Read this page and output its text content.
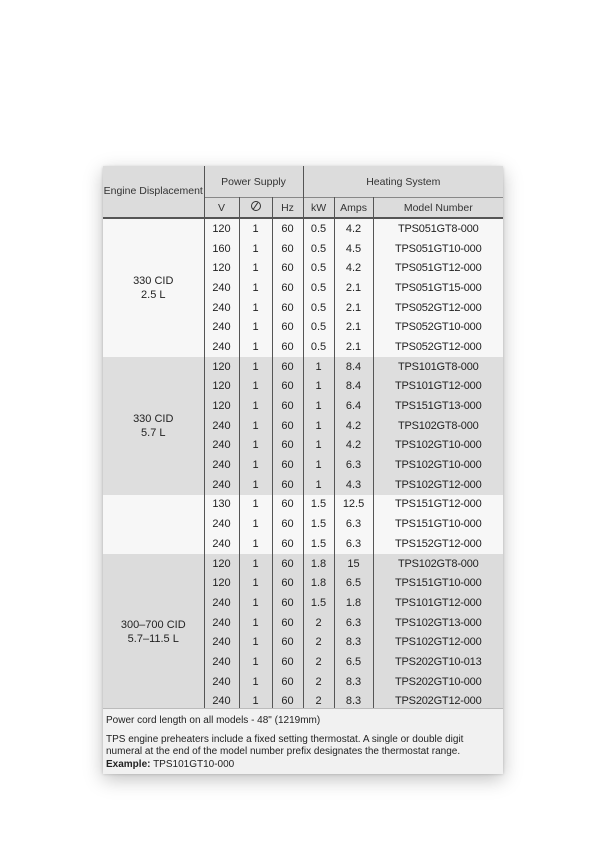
Engine Displacement	Power Supply			Heating System		
	V		Hz	kW	Amps	Model Number

330 CID
2.5 L	120	1	60	0.5	4.2	TPS051GT8-000
	160	1	60	0.5	4.5	TPS051GT10-000
	120	1	60	0.5	4.2	TPS051GT12-000
	240	1	60	0.5	2.1	TPS051GT15-000
	240	1	60	0.5	2.1	TPS052GT12-000
	240	1	60	0.5	2.1	TPS052GT10-000
	240	1	60	0.5	2.1	TPS052GT12-000

330 CID
5.7 L	120	1	60	1	8.4	TPS101GT8-000
	120	1	60	1	8.4	TPS101GT12-000
	120	1	60	1	6.4	TPS151GT13-000
	240	1	60	1	4.2	TPS102GT8-000
	240	1	60	1	4.2	TPS102GT10-000
	240	1	60	1	6.3	TPS102GT10-000
	240	1	60	1	4.3	TPS102GT12-000

	130	1	60	1.5	12.5	TPS151GT12-000
	240	1	60	1.5	6.3	TPS151GT10-000
	240	1	60	1.5	6.3	TPS152GT12-000

300–700 CID
5.7–11.5 L	120	1	60	1.8	15	TPS102GT8-000
	120	1	60	1.8	6.5	TPS151GT10-000
	240	1	60	1.5	1.8	TPS101GT12-000
	240	1	60	2	6.3	TPS102GT13-000
	240	1	60	2	8.3	TPS102GT12-000
	240	1	60	2	6.5	TPS202GT10-013
	240	1	60	2	8.3	TPS202GT10-000
	240	1	60	2	8.3	TPS202GT12-000
Power cord length on all models - 48" (1219mm)
TPS engine preheaters include a fixed setting thermostat. A single or double digit numeral at the end of the model number prefix designates the thermostat range.
Example: TPS101GT10-000
